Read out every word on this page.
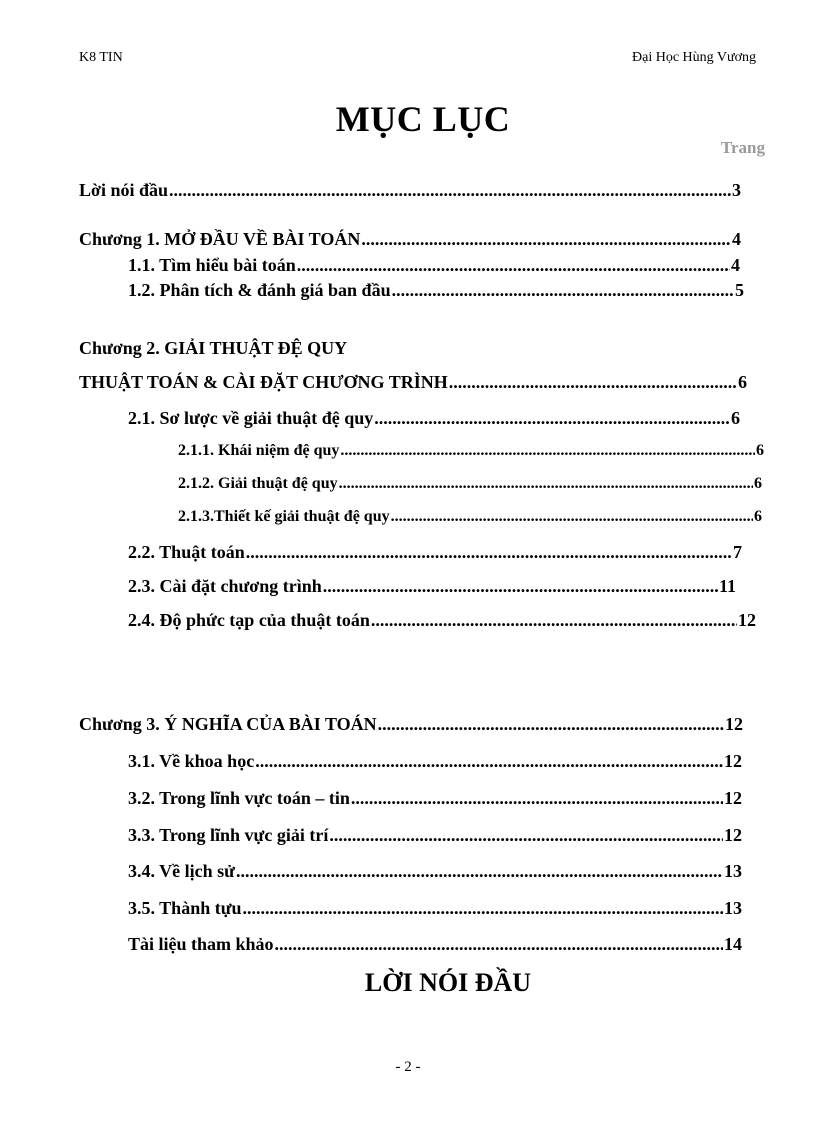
K8 TIN	Đại Học Hùng Vương
MỤC LỤC
Trang
Lời nói đầu .....	3
Chương 1. MỞ ĐẦU VỀ BÀI TOÁN .....	4
1.1. Tìm hiểu bài toán .....	4
1.2. Phân tích & đánh giá ban đầu .....	5
Chương 2. GIẢI THUẬT ĐỆ QUY
THUẬT TOÁN & CÀI ĐẶT CHƯƠNG TRÌNH .....	6
2.1. Sơ lược về giải thuật đệ quy .....	6
2.1.1. Khái niệm đệ quy .....	6
2.1.2. Giải thuật đệ quy .....	6
2.1.3.Thiết kế giải thuật đệ quy .....	6
2.2. Thuật toán .....	7
2.3. Cài đặt chương trình .....	11
2.4. Độ phức tạp của thuật toán .....	12
Chương 3. Ý NGHĨA CỦA BÀI TOÁN .....	12
3.1. Về khoa học .....	12
3.2. Trong lĩnh vực toán – tin .....	12
3.3. Trong lĩnh vực giải trí .....	12
3.4. Về lịch sử .....	13
3.5. Thành tựu .....	13
Tài liệu tham khảo .....	14
LỜI NÓI ĐẦU
- 2 -
